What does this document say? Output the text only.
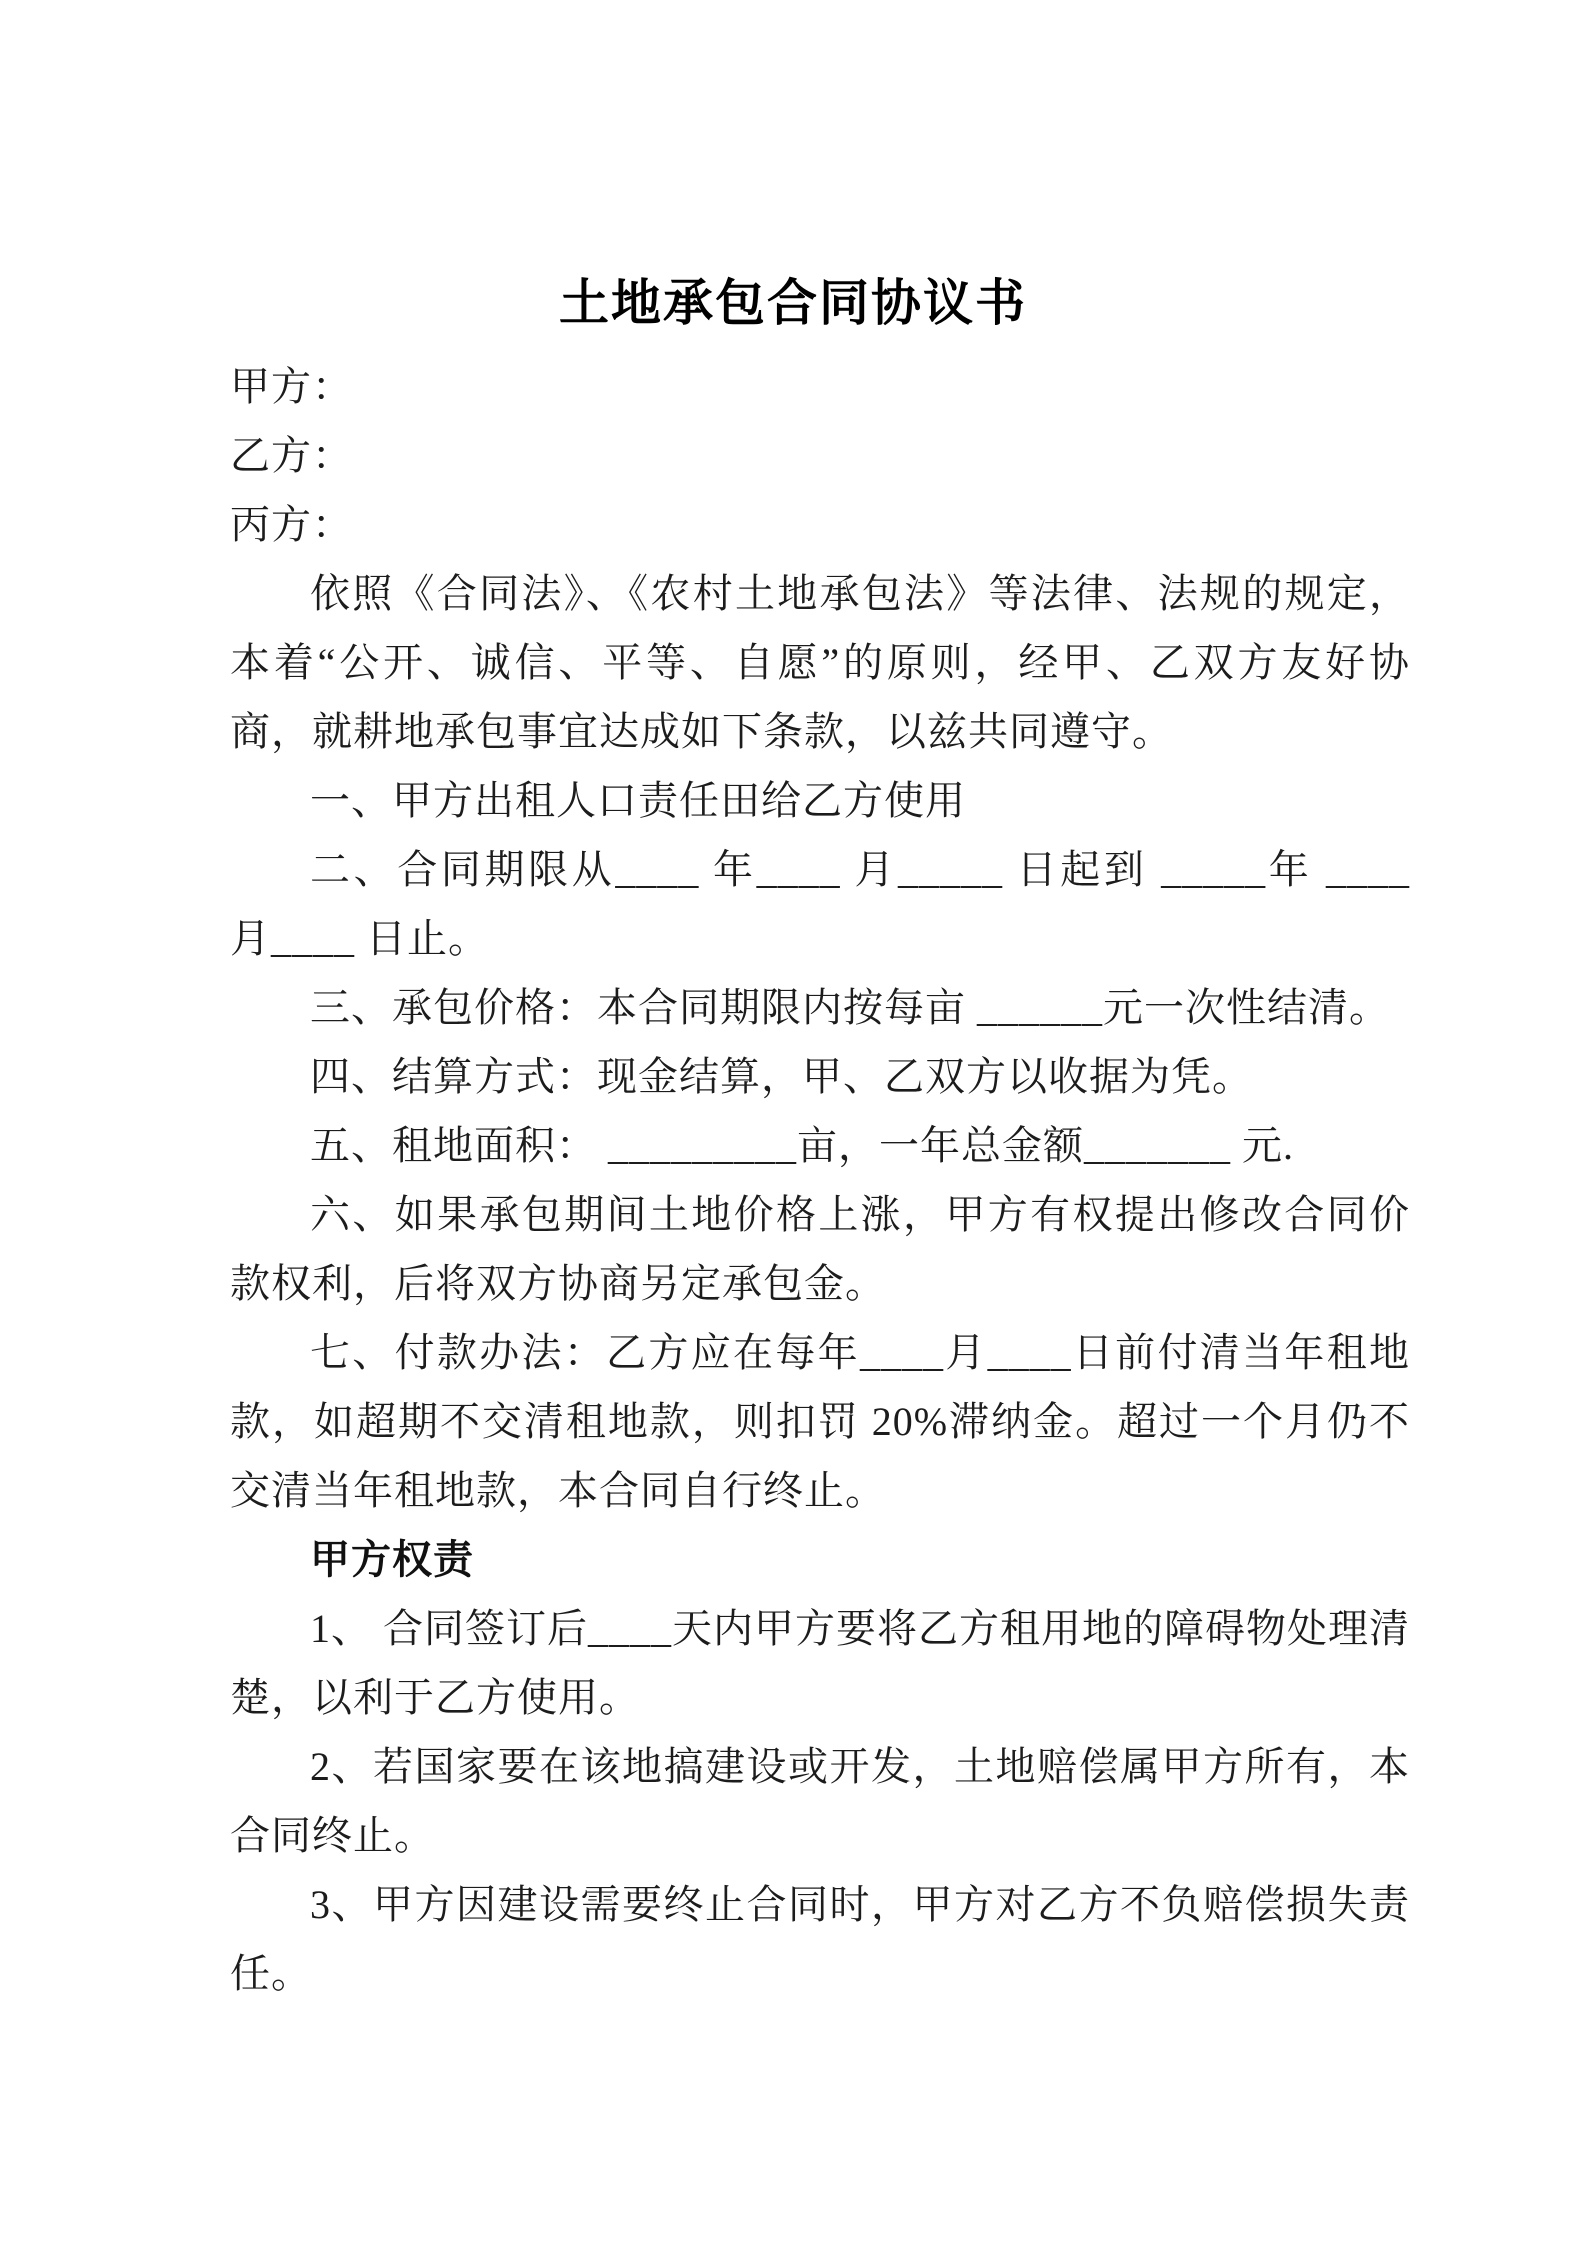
土地承包合同协议书

甲方：

乙方：

丙方：

依照《合同法》、《农村土地承包法》等法律、法规的规定，本着“公开、诚信、平等、自愿”的原则，经甲、乙双方友好协商，就耕地承包事宜达成如下条款，以兹共同遵守。

一、甲方出租人口责任田给乙方使用

二、合同期限从____ 年____ 月_____ 日起到 _____年 ____ 月____ 日止。

三、承包价格：本合同期限内按每亩 ______元一次性结清。

四、结算方式：现金结算，甲、乙双方以收据为凭。

五、租地面积： _________亩，一年总金额_______ 元.

六、如果承包期间土地价格上涨，甲方有权提出修改合同价款权利，后将双方协商另定承包金。

七、付款办法：乙方应在每年____月____日前付清当年租地款，如超期不交清租地款，则扣罚 20%滞纳金。超过一个月仍不交清当年租地款，本合同自行终止。

甲方权责

1、 合同签订后____天内甲方要将乙方租用地的障碍物处理清楚，以利于乙方使用。

2、若国家要在该地搞建设或开发，土地赔偿属甲方所有，本合同终止。

3、甲方因建设需要终止合同时，甲方对乙方不负赔偿损失责任。
